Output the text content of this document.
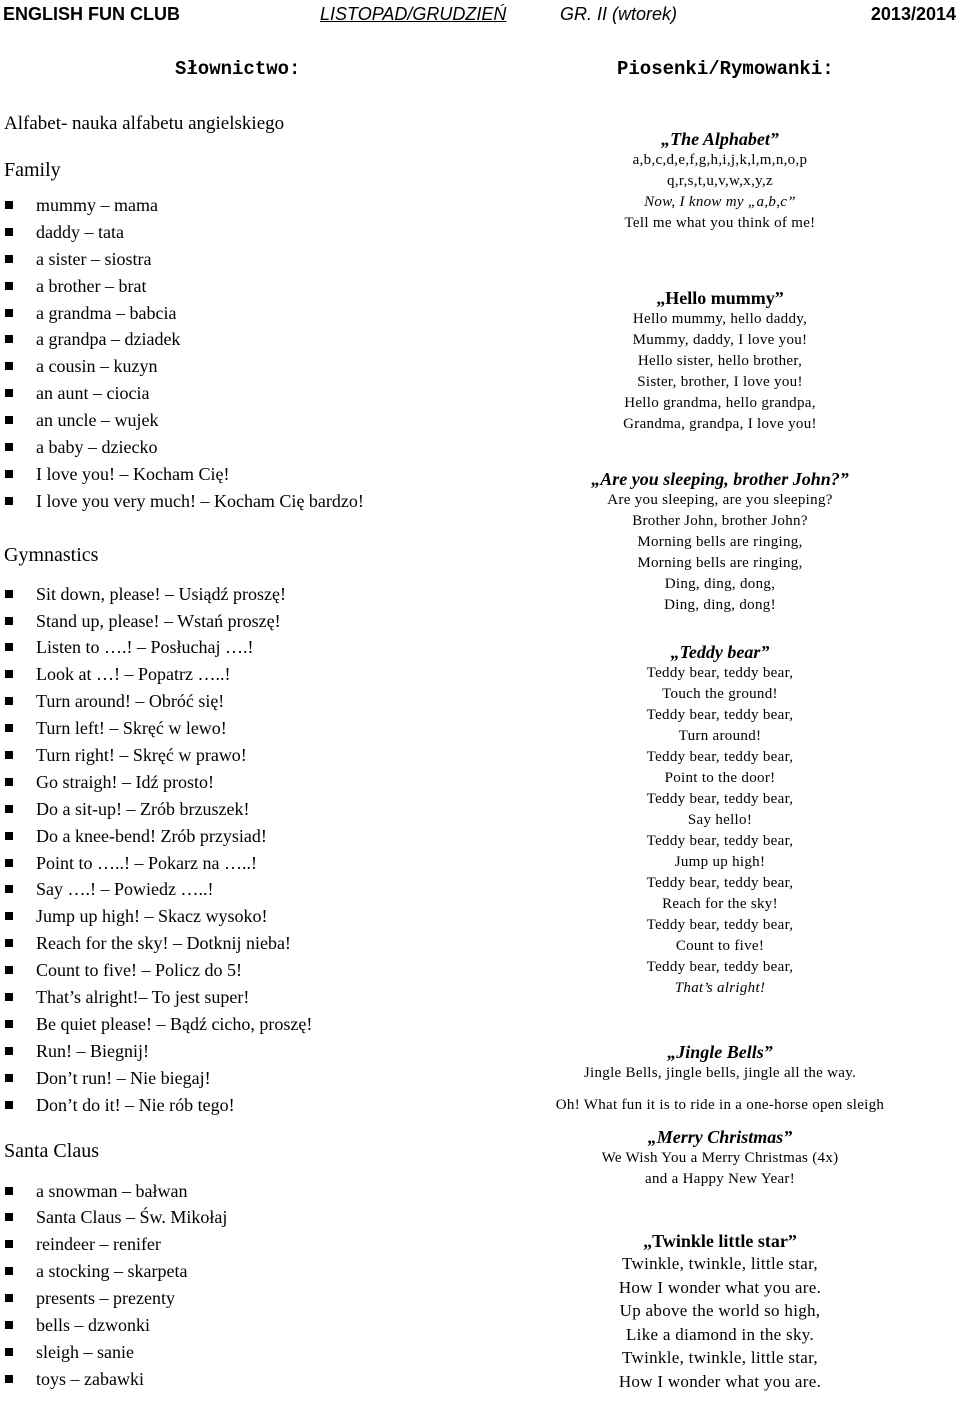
ENGLISH FUN CLUB	LISTOPAD/GRUDZIEŃ	GR. II (wtorek)	2013/2014
Słownictwo:	Piosenki/Rymowanki:
Alfabet- nauka alfabetu angielskiego
Family
mummy – mama
daddy – tata
a sister – siostra
a brother – brat
a grandma – babcia
a grandpa – dziadek
a cousin – kuzyn
an aunt – ciocia
an uncle – wujek
a baby – dziecko
I love you! – Kocham Cię!
I love you very much! – Kocham Cię bardzo!
Gymnastics
Sit down, please! – Usiądź proszę!
Stand up, please! – Wstań proszę!
Listen to ….! – Posłuchaj ….!
Look at …! – Popatrz …..!
Turn around! – Obróć się!
Turn left! – Skręć w lewo!
Turn right! – Skręć w prawo!
Go straigh! – Idź prosto!
Do a sit-up! – Zrób brzuszek!
Do a knee-bend! Zrób przysiad!
Point to …..! – Pokarz na …..!
Say ….! – Powiedz …..!
Jump up high! – Skacz wysoko!
Reach for the sky! – Dotknij nieba!
Count to five! – Policz do 5!
That’s alright!– To jest super!
Be quiet please! – Bądź cicho, proszę!
Run! – Biegnij!
Don’t run! – Nie biegaj!
Don’t do it! – Nie rób tego!
Santa Claus
a snowman – bałwan
Santa Claus – Św. Mikołaj
reindeer – renifer
a stocking – skarpeta
presents – prezenty
bells – dzwonki
sleigh – sanie
toys – zabawki
„The Alphabet”
a,b,c,d,e,f,g,h,i,j,k,l,m,n,o,p
q,r,s,t,u,v,w,x,y,z
Now, I know my „a,b,c”
Tell me what you think of me!
„Hello mummy”
Hello mummy, hello daddy,
Mummy, daddy, I love you!
Hello sister, hello brother,
Sister, brother, I love you!
Hello grandma, hello grandpa,
Grandma, grandpa, I love you!
„Are you sleeping, brother John?”
Are you sleeping, are you sleeping?
Brother John, brother John?
Morning bells are ringing,
Morning bells are ringing,
Ding, ding, dong,
Ding, ding, dong!
„Teddy bear”
Teddy bear, teddy bear,
Touch the ground!
Teddy bear, teddy bear,
Turn around!
Teddy bear, teddy bear,
Point to the door!
Teddy bear, teddy bear,
Say hello!
Teddy bear, teddy bear,
Jump up high!
Teddy bear, teddy bear,
Reach for the sky!
Teddy bear, teddy bear,
Count to five!
Teddy bear, teddy bear,
That’s alright!
„Jingle Bells”
Jingle Bells, jingle bells, jingle all the way.
Oh! What fun it is to ride in a one-horse open sleigh
„Merry Christmas”
We Wish You a Merry Christmas (4x)
and a Happy New Year!
„Twinkle little star”
Twinkle, twinkle, little star,
How I wonder what you are.
Up above the world so high,
Like a diamond in the sky.
Twinkle, twinkle, little star,
How I wonder what you are.
